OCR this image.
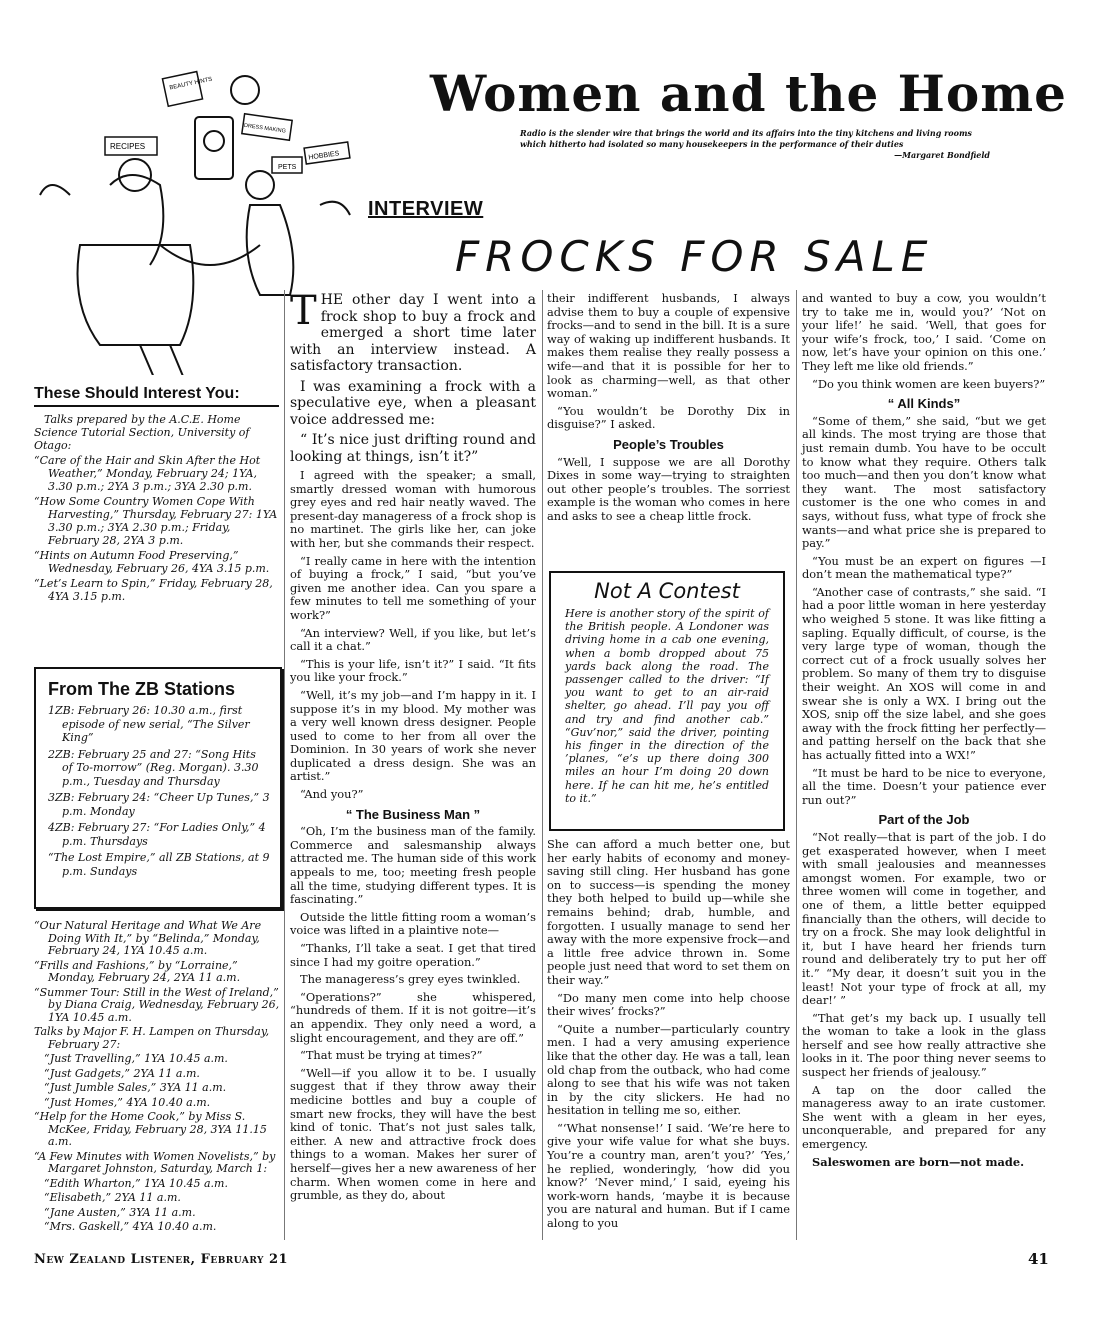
Women and the Home
Radio is the slender wire that brings the world and its affairs into the tiny kitchens and living rooms which hitherto had isolated so many housekeepers in the performance of their duties
—Margaret Bondfield
BEAUTY HINTS
RECIPES
DRESS MAKING
PETS
HOBBIES
INTERVIEW
FROCKS FOR SALE
These Should Interest You:

Talks prepared by the A.C.E. Home Science Tutorial Section, University of Otago:

“Care of the Hair and Skin After the Hot Weather,” Monday, February 24; 1YA, 3.30 p.m.; 2YA 3 p.m.; 3YA 2.30 p.m.

“How Some Country Women Cope With Harvesting,” Thursday, February 27: 1YA 3.30 p.m.; 3YA 2.30 p.m.; Friday, February 28, 2YA 3 p.m.

“Hints on Autumn Food Preserving,” Wednesday, February 26, 4YA 3.15 p.m.

“Let’s Learn to Spin,” Friday, February 28, 4YA 3.15 p.m.

From The ZB Stations

1ZB: February 26: 10.30 a.m., first episode of new serial, “The Silver King”

2ZB: February 25 and 27: “Song Hits of To-morrow” (Reg. Morgan). 3.30 p.m., Tuesday and Thursday

3ZB: February 24: “Cheer Up Tunes,” 3 p.m. Monday

4ZB: February 27: “For Ladies Only,” 4 p.m. Thursdays

“The Lost Empire,” all ZB Stations, at 9 p.m. Sundays

“Our Natural Heritage and What We Are Doing With It,” by “Belinda,” Monday, February 24, 1YA 10.45 a.m.

“Frills and Fashions,” by “Lorraine,” Monday, February 24, 2YA 11 a.m.

“Summer Tour: Still in the West of Ireland,” by Diana Craig, Wednesday, February 26, 1YA 10.45 a.m.

Talks by Major F. H. Lampen on Thursday, February 27:

“Just Travelling,” 1YA 10.45 a.m.

“Just Gadgets,” 2YA 11 a.m.

“Just Jumble Sales,” 3YA 11 a.m.

“Just Homes,” 4YA 10.40 a.m.

“Help for the Home Cook,” by Miss S. McKee, Friday, February 28, 3YA 11.15 a.m.

“A Few Minutes with Women Novelists,” by Margaret Johnston, Saturday, March 1:

“Edith Wharton,” 1YA 10.45 a.m.

“Elisabeth,” 2YA 11 a.m.

“Jane Austen,” 3YA 11 a.m.

“Mrs. Gaskell,” 4YA 10.40 a.m.

THE other day I went into a frock shop to buy a frock and emerged a short time later with an interview instead. A satisfactory transaction.

I was examining a frock with a speculative eye, when a pleasant voice addressed me:

“ It’s nice just drifting round and looking at things, isn’t it?”

I agreed with the speaker; a small, smartly dressed woman with humorous grey eyes and red hair neatly waved. The present-day manageress of a frock shop is no martinet. The girls like her, can joke with her, but she commands their respect.

“I really came in here with the intention of buying a frock,” I said, “but you’ve given me another idea. Can you spare a few minutes to tell me something of your work?”

“An interview? Well, if you like, but let’s call it a chat.”

“This is your life, isn’t it?” I said. “It fits you like your frock.”

“Well, it’s my job—and I’m happy in it. I suppose it’s in my blood. My mother was a very well known dress designer. People used to come to her from all over the Dominion. In 30 years of work she never duplicated a dress design. She was an artist.”

“And you?”

“ The Business Man ”

“Oh, I’m the business man of the family. Commerce and salesmanship always attracted me. The human side of this work appeals to me, too; meeting fresh people all the time, studying different types. It is fascinating.”

Outside the little fitting room a woman’s voice was lifted in a plaintive note—

“Thanks, I’ll take a seat. I get that tired since I had my goitre operation.”

The manageress’s grey eyes twinkled.

“Operations?” she whispered, “hundreds of them. If it is not goitre—it’s an appendix. They only need a word, a slight encouragement, and they are off.”

“That must be trying at times?”

“Well—if you allow it to be. I usually suggest that if they throw away their medicine bottles and buy a couple of smart new frocks, they will have the best kind of tonic. That’s not just sales talk, either. A new and attractive frock does things to a woman. Makes her surer of herself—gives her a new awareness of her charm. When women come in here and grumble, as they do, about

their indifferent husbands, I always advise them to buy a couple of expensive frocks—and to send in the bill. It is a sure way of waking up indifferent husbands. It makes them realise they really possess a wife—and that it is possible for her to look as charming—well, as that other woman.”

“You wouldn’t be Dorothy Dix in disguise?” I asked.

People’s Troubles

“Well, I suppose we are all Dorothy Dixes in some way—trying to straighten out other people’s troubles. The sorriest example is the woman who comes in here and asks to see a cheap little frock.

Not A Contest
Here is another story of the spirit of the British people. A Londoner was driving home in a cab one evening, when a bomb dropped about 75 yards back along the road. The passenger called to the driver: “If you want to get to an air-raid shelter, go ahead. I’ll pay you off and try and find another cab.” “Guv’nor,” said the driver, pointing his finger in the direction of the ’planes, “e’s up there doing 300 miles an hour I’m doing 20 down here. If he can hit me, he’s entitled to it.”

She can afford a much better one, but her early habits of economy and money-saving still cling. Her husband has gone on to success—is spending the money they both helped to build up—while she remains behind; drab, humble, and forgotten. I usually manage to send her away with the more expensive frock—and a little free advice thrown in. Some people just need that word to set them on their way.”

“Do many men come into help choose their wives’ frocks?”

“Quite a number—particularly country men. I had a very amusing experience like that the other day. He was a tall, lean old chap from the outback, who had come along to see that his wife was not taken in by the city slickers. He had no hesitation in telling me so, either.

“‘What nonsense!’ I said. ‘We’re here to give your wife value for what she buys. You’re a country man, aren’t you?’ ‘Yes,’ he replied, wonderingly, ‘how did you know?’ ‘Never mind,’ I said, eyeing his work-worn hands, ‘maybe it is because you are natural and human. But if I came along to you

and wanted to buy a cow, you wouldn’t try to take me in, would you?’ ‘Not on your life!’ he said. ‘Well, that goes for your wife’s frock, too,’ I said. ‘Come on now, let’s have your opinion on this one.’ They left me like old friends.”

“Do you think women are keen buyers?”

“ All Kinds”

“Some of them,” she said, “but we get all kinds. The most trying are those that just remain dumb. You have to be occult to know what they require. Others talk too much—and then you don’t know what they want. The most satisfactory customer is the one who comes in and says, without fuss, what type of frock she wants—and what price she is prepared to pay.”

“You must be an expert on figures —I don’t mean the mathematical type?”

“Another case of contrasts,” she said. “I had a poor little woman in here yesterday who weighed 5 stone. It was like fitting a sapling. Equally difficult, of course, is the very large type of woman, though the correct cut of a frock usually solves her problem. So many of them try to disguise their weight. An XOS will come in and swear she is only a WX. I bring out the XOS, snip off the size label, and she goes away with the frock fitting her perfectly—and patting herself on the back that she has actually fitted into a WX!”

“It must be hard to be nice to everyone, all the time. Doesn’t your patience ever run out?”

Part of the Job

“Not really—that is part of the job. I do get exasperated however, when I meet with small jealousies and meannesses amongst women. For example, two or three women will come in together, and one of them, a little better equipped financially than the others, will decide to try on a frock. She may look delightful in it, but I have heard her friends turn round and deliberately try to put her off it.” “My dear, it doesn’t suit you in the least! Not your type of frock at all, my dear!’ ”

“That get’s my back up. I usually tell the woman to take a look in the glass herself and see how really attractive she looks in it. The poor thing never seems to suspect her friends of jealousy.”

A tap on the door called the manageress away to an irate customer. She went with a gleam in her eyes, unconquerable, and prepared for any emergency.

Saleswomen are born—not made.

New Zealand Listener, February 21	41
